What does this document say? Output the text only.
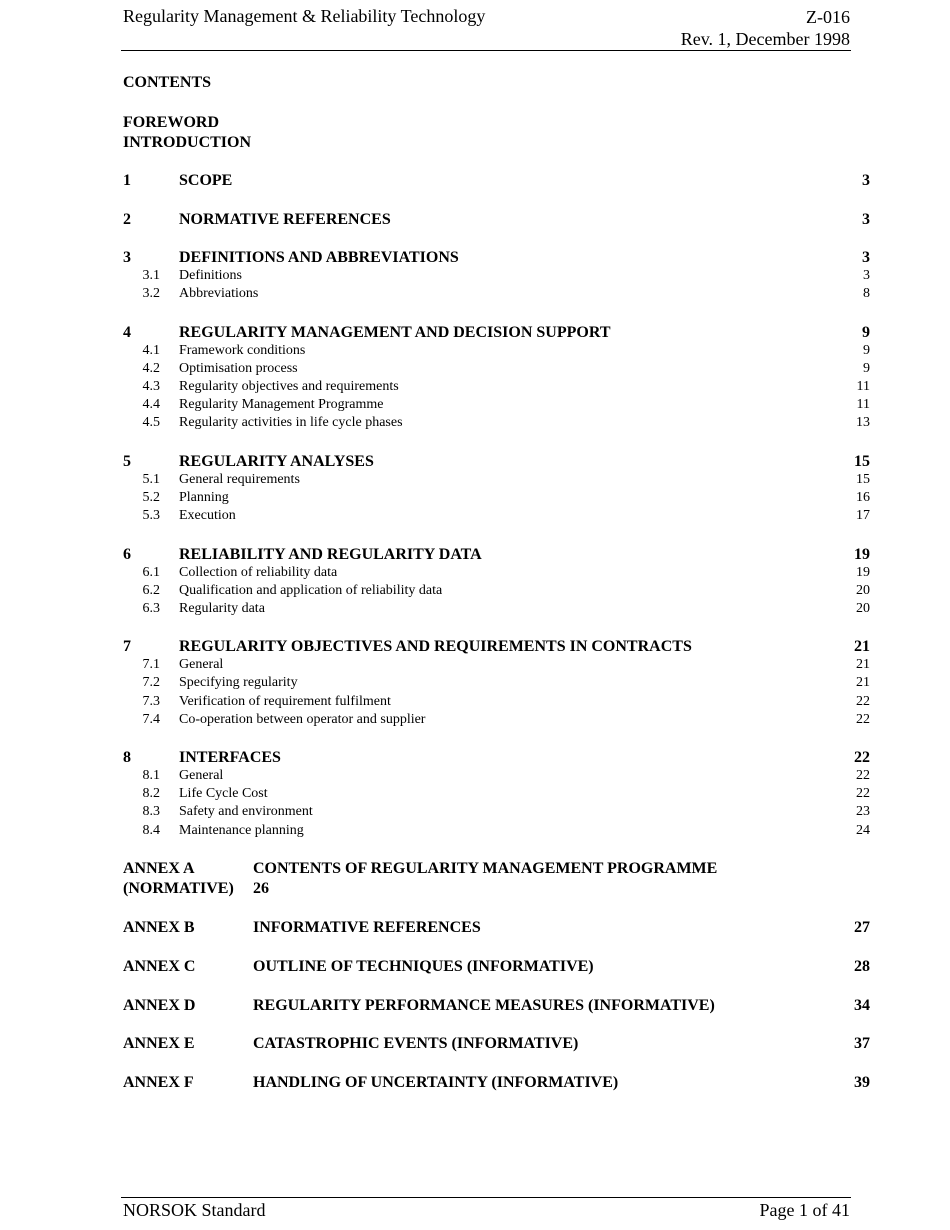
Regularity Management & Reliability Technology	Z-016
Rev. 1, December 1998
CONTENTS
FOREWORD
INTRODUCTION
1	SCOPE	3
2	NORMATIVE REFERENCES	3
3	DEFINITIONS AND ABBREVIATIONS	3
3.1 Definitions	3
3.2 Abbreviations	8
4	REGULARITY MANAGEMENT AND DECISION SUPPORT	9
4.1 Framework conditions	9
4.2 Optimisation process	9
4.3 Regularity objectives and requirements	11
4.4 Regularity Management Programme	11
4.5 Regularity activities in life cycle phases	13
5	REGULARITY ANALYSES	15
5.1 General requirements	15
5.2 Planning	16
5.3 Execution	17
6	RELIABILITY AND REGULARITY DATA	19
6.1 Collection of reliability data	19
6.2 Qualification and application of reliability data	20
6.3 Regularity data	20
7	REGULARITY OBJECTIVES AND REQUIREMENTS IN CONTRACTS	21
7.1 General	21
7.2 Specifying regularity	21
7.3 Verification of requirement fulfilment	22
7.4 Co-operation between operator and supplier	22
8	INTERFACES	22
8.1 General	22
8.2 Life Cycle Cost	22
8.3 Safety and environment	23
8.4 Maintenance planning	24
ANNEX A	CONTENTS OF REGULARITY MANAGEMENT PROGRAMME
(NORMATIVE) 26
ANNEX B	INFORMATIVE REFERENCES	27
ANNEX C	OUTLINE OF TECHNIQUES (INFORMATIVE)	28
ANNEX D	REGULARITY PERFORMANCE MEASURES (INFORMATIVE)	34
ANNEX E	CATASTROPHIC EVENTS (INFORMATIVE)	37
ANNEX F	HANDLING OF UNCERTAINTY (INFORMATIVE)	39
NORSOK Standard	Page 1 of 41
